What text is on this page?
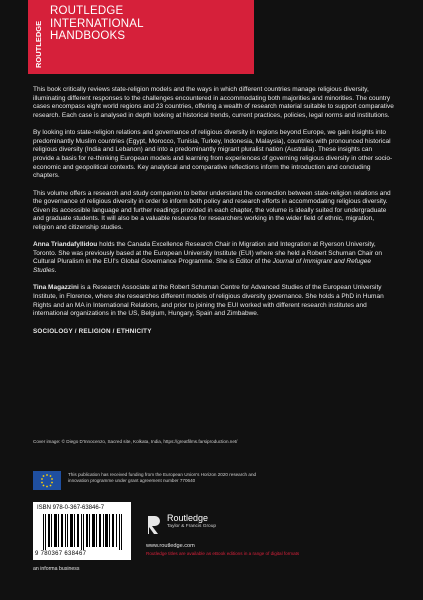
ROUTLEDGE
ROUTLEDGE
INTERNATIONAL
HANDBOOKS

This book critically reviews state-religion models and the ways in which different countries manage religious diversity, illuminating different responses to the challenges encountered in accommodating both majorities and minorities. The country cases encompass eight world regions and 23 countries, offering a wealth of research material suitable to support comparative research. Each case is analysed in depth looking at historical trends, current practices, policies, legal norms and institutions.

By looking into state-religion relations and governance of religious diversity in regions beyond Europe, we gain insights into predominantly Muslim countries (Egypt, Morocco, Tunisia, Turkey, Indonesia, Malaysia), countries with pronounced historical religious diversity (India and Lebanon) and into a predominantly migrant pluralist nation (Australia). These insights can provide a basis for re-thinking European models and learning from experiences of governing religious diversity in other socio-economic and geopolitical contexts. Key analytical and comparative reflections inform the introduction and concluding chapters.

This volume offers a research and study companion to better understand the connection between state-religion relations and the governance of religious diversity in order to inform both policy and research efforts in accommodating religious diversity. Given its accessible language and further readings provided in each chapter, the volume is ideally suited for undergraduate and graduate students. It will also be a valuable resource for researchers working in the wider field of ethnic, migration, religion and citizenship studies.

Anna Triandafyllidou holds the Canada Excellence Research Chair in Migration and Integration at Ryerson University, Toronto. She was previously based at the European University Institute (EUI) where she held a Robert Schuman Chair on Cultural Pluralism in the EUI's Global Governance Programme. She is Editor of the Journal of Immigrant and Refugee Studies.

Tina Magazzini is a Research Associate at the Robert Schuman Centre for Advanced Studies of the European University Institute, in Florence, where she researches different models of religious diversity governance. She holds a PhD in Human Rights and an MA in International Relations, and prior to joining the EUI worked with different research institutes and international organizations in the US, Belgium, Hungary, Spain and Zimbabwe.

SOCIOLOGY / RELIGION / ETHNICITY
Cover image: © Diego D'Innocenzo, Sacred site, Kolkata, India, https://greatfilms.farsiproduction.net/
This publication has received funding from the European Union's Horizon 2020 research and innovation programme under grant agreement number 770640
ISBN 978-0-367-63846-7
9 780367 638467
Routledge
Taylor & Francis Group
www.routledge.com
Routledge titles are available as eBook editions in a range of digital formats
an informa business
